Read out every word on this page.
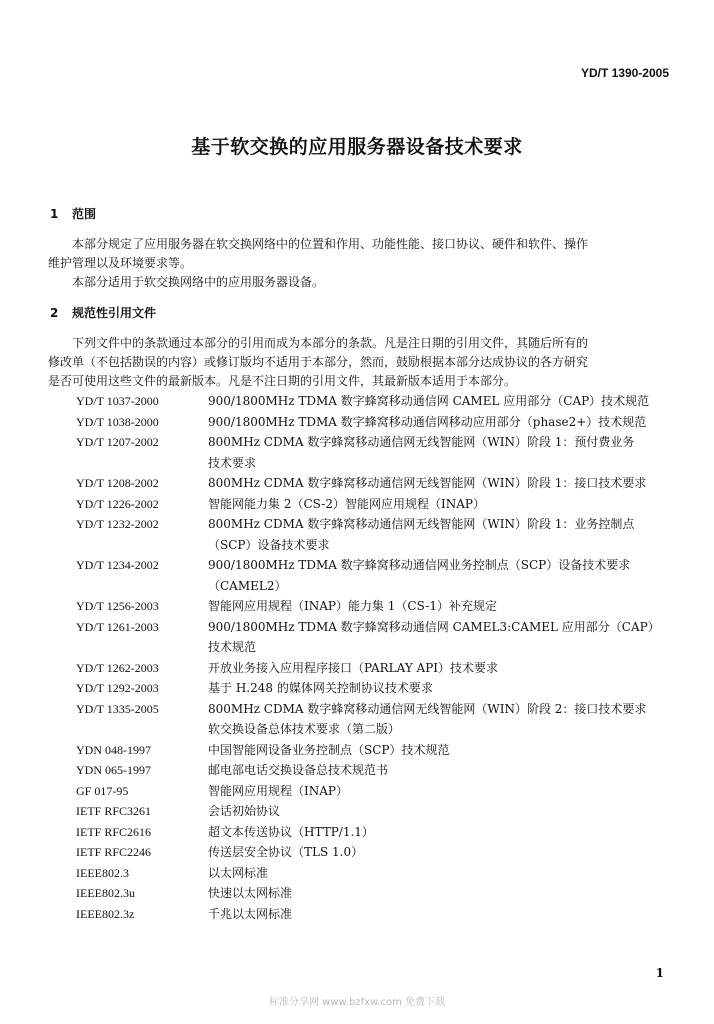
YD/T 1390-2005
基于软交换的应用服务器设备技术要求
1 范围
本部分规定了应用服务器在软交换网络中的位置和作用、功能性能、接口协议、硬件和软件、操作
维护管理以及环境要求等。
本部分适用于软交换网络中的应用服务器设备。
2 规范性引用文件
下列文件中的条款通过本部分的引用而成为本部分的条款。凡是注日期的引用文件，其随后所有的
修改单（不包括勘误的内容）或修订版均不适用于本部分，然而，鼓励根据本部分达成协议的各方研究
是否可使用这些文件的最新版本。凡是不注日期的引用文件，其最新版本适用于本部分。
YD/T 1037-2000	900/1800MHz TDMA 数字蜂窝移动通信网 CAMEL 应用部分（CAP）技术规范
YD/T 1038-2000	900/1800MHz TDMA 数字蜂窝移动通信网移动应用部分（phase2+）技术规范
YD/T 1207-2002	800MHz CDMA 数字蜂窝移动通信网无线智能网（WIN）阶段 1：预付费业务
技术要求
YD/T 1208-2002	800MHz CDMA 数字蜂窝移动通信网无线智能网（WIN）阶段 1：接口技术要求
YD/T 1226-2002	智能网能力集 2（CS-2）智能网应用规程（INAP）
YD/T 1232-2002	800MHz CDMA 数字蜂窝移动通信网无线智能网（WIN）阶段 1：业务控制点
（SCP）设备技术要求
YD/T 1234-2002	900/1800MHz TDMA 数字蜂窝移动通信网业务控制点（SCP）设备技术要求
（CAMEL2）
YD/T 1256-2003	智能网应用规程（INAP）能力集 1（CS-1）补充规定
YD/T 1261-2003	900/1800MHz TDMA 数字蜂窝移动通信网 CAMEL3:CAMEL 应用部分（CAP）
技术规范
YD/T 1262-2003	开放业务接入应用程序接口（PARLAY API）技术要求
YD/T 1292-2003	基于 H.248 的媒体网关控制协议技术要求
YD/T 1335-2005	800MHz CDMA 数字蜂窝移动通信网无线智能网（WIN）阶段 2：接口技术要求
软交换设备总体技术要求（第二版）
YDN 048-1997	中国智能网设备业务控制点（SCP）技术规范
YDN 065-1997	邮电部电话交换设备总技术规范书
GF 017-95	智能网应用规程（INAP）
IETF RFC3261	会话初始协议
IETF RFC2616	超文本传送协议（HTTP/1.1）
IETF RFC2246	传送层安全协议（TLS 1.0）
IEEE802.3	以太网标准
IEEE802.3u	快速以太网标准
IEEE802.3z	千兆以太网标准
1
标准分享网 www.bzfxw.com 免费下载
